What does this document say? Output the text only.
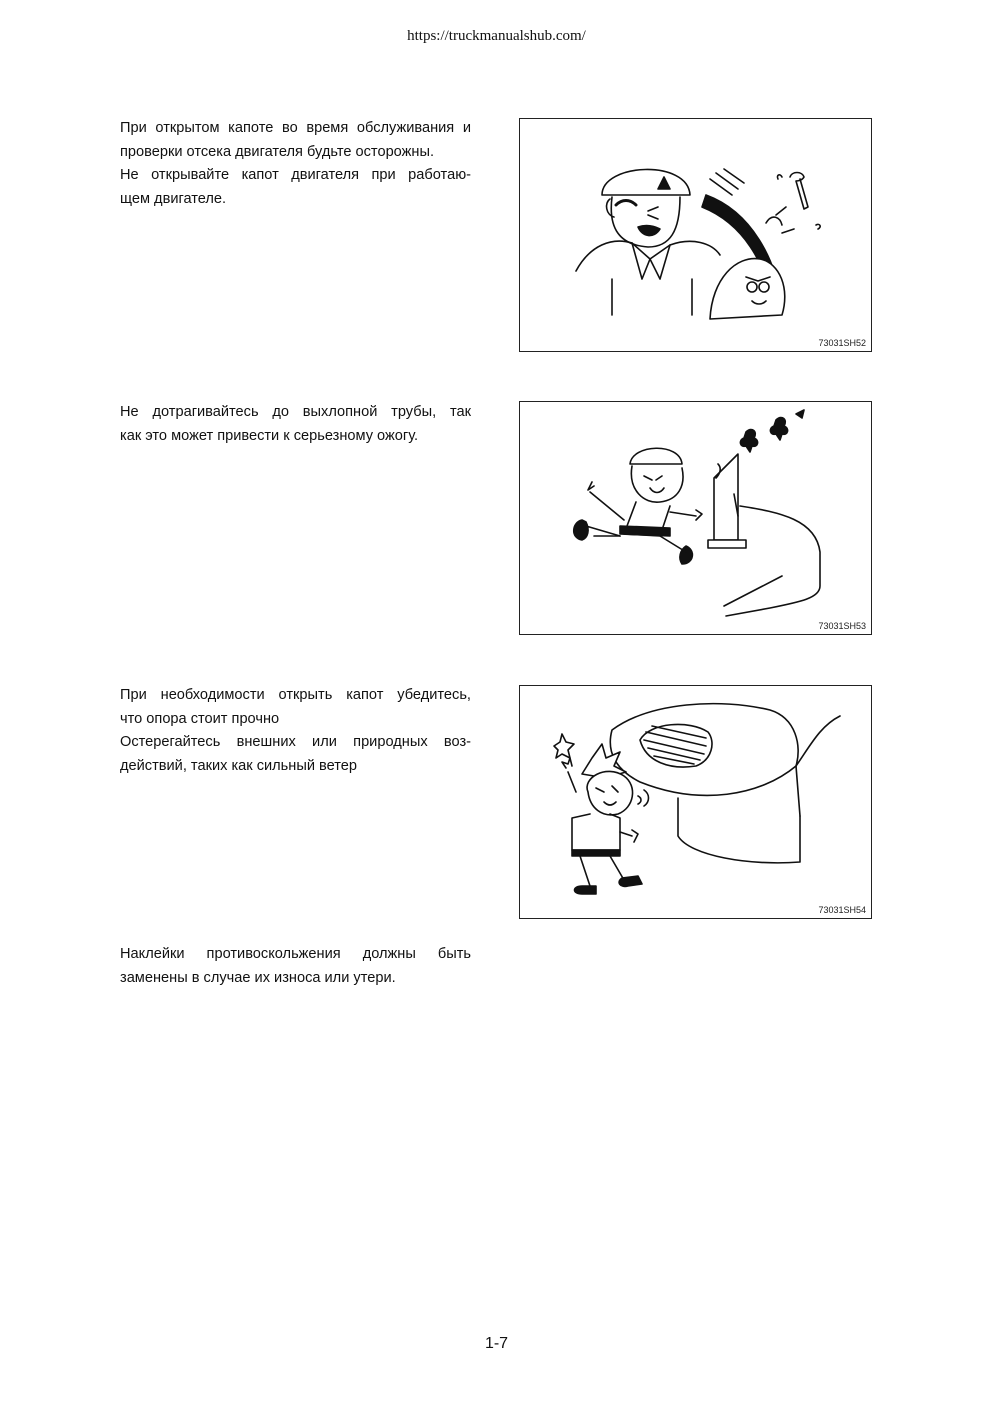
https://truckmanualshub.com/
При открытом капоте во время обслуживания и
проверки отсека двигателя будьте осторожны.
Не открывайте капот двигателя при работаю-
щем двигателе.
73031SH52
Не дотрагивайтесь до выхлопной трубы, так
как это может привести к серьезному ожогу.
73031SH53
При необходимости открыть капот убедитесь,
что опора стоит прочно
Остерегайтесь внешних или природных воз-
действий, таких как сильный ветер
73031SH54
Наклейки противоскольжения должны быть
заменены в случае их износа или утери.
1-7
